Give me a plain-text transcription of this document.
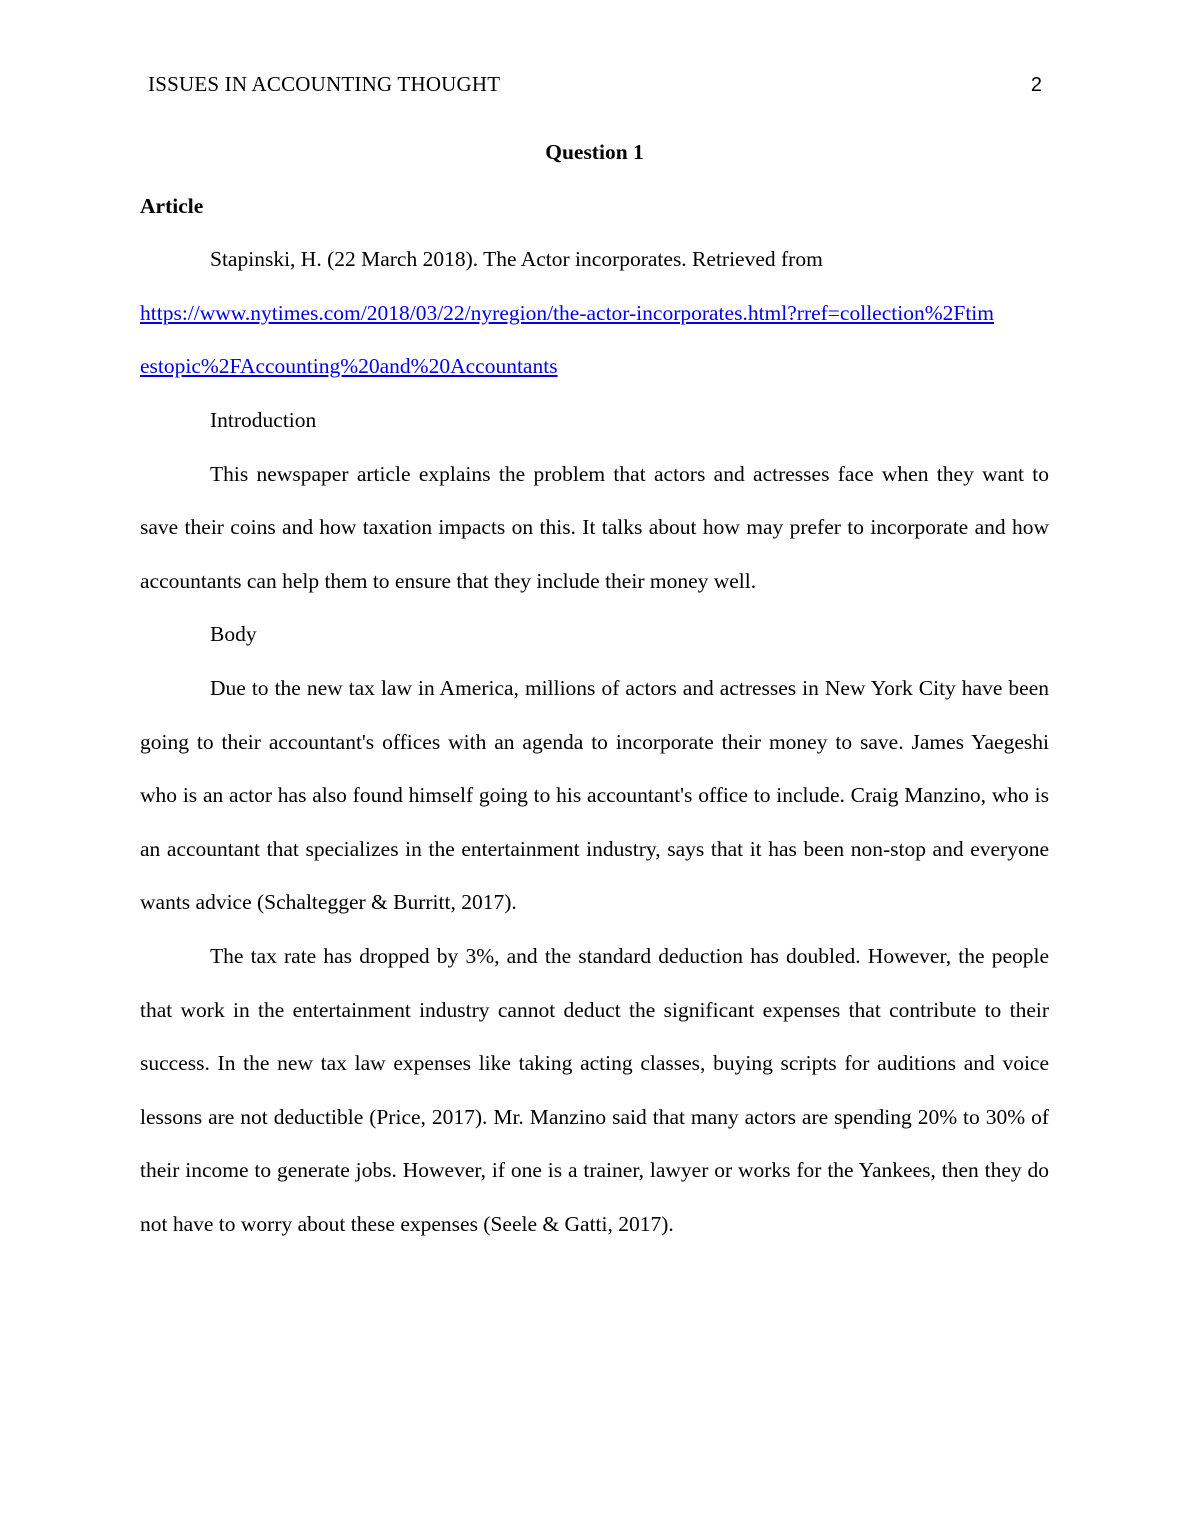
ISSUES IN ACCOUNTING THOUGHT	2

Question 1

Article

Stapinski, H. (22 March 2018). The Actor incorporates. Retrieved from

https://www.nytimes.com/2018/03/22/nyregion/the-actor-incorporates.html?rref=collection%2Ftimestopic%2FAccounting%20and%20Accountants

Introduction

This newspaper article explains the problem that actors and actresses face when they want to save their coins and how taxation impacts on this. It talks about how may prefer to incorporate and how accountants can help them to ensure that they include their money well.

Body

Due to the new tax law in America, millions of actors and actresses in New York City have been going to their accountant's offices with an agenda to incorporate their money to save. James Yaegeshi who is an actor has also found himself going to his accountant's office to include. Craig Manzino, who is an accountant that specializes in the entertainment industry, says that it has been non-stop and everyone wants advice (Schaltegger & Burritt, 2017).

The tax rate has dropped by 3%, and the standard deduction has doubled. However, the people that work in the entertainment industry cannot deduct the significant expenses that contribute to their success. In the new tax law expenses like taking acting classes, buying scripts for auditions and voice lessons are not deductible (Price, 2017). Mr. Manzino said that many actors are spending 20% to 30% of their income to generate jobs. However, if one is a trainer, lawyer or works for the Yankees, then they do not have to worry about these expenses (Seele & Gatti, 2017).
